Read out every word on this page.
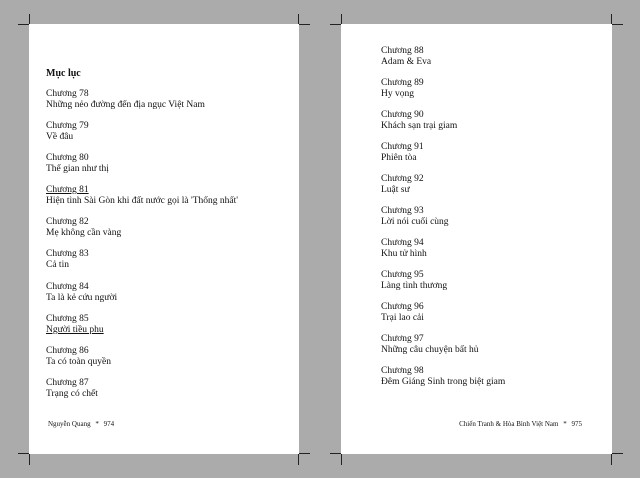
Mục lục
Chương 78
Những nẻo đường đến địa ngục Việt Nam
Chương 79
Về đâu
Chương 80
Thế gian như thị
Chương 81
Hiện tình Sài Gòn khi đất nước gọi là 'Thống nhất'
Chương 82
Mẹ không cần vàng
Chương 83
Cả tin
Chương 84
Ta là kẻ cứu người
Chương 85
Người tiều phu
Chương 86
Ta có toàn quyền
Chương 87
Trạng có chết
Nguyễn Quang * 974
Chương 88
Adam & Eva
Chương 89
Hy vọng
Chương 90
Khách sạn trại giam
Chương 91
Phiên tòa
Chương 92
Luật sư
Chương 93
Lời nói cuối cùng
Chương 94
Khu tử hình
Chương 95
Làng tình thương
Chương 96
Trại lao cải
Chương 97
Những câu chuyện bất hủ
Chương 98
Đêm Giáng Sinh trong biệt giam
Chiến Tranh & Hòa Bình Việt Nam * 975
